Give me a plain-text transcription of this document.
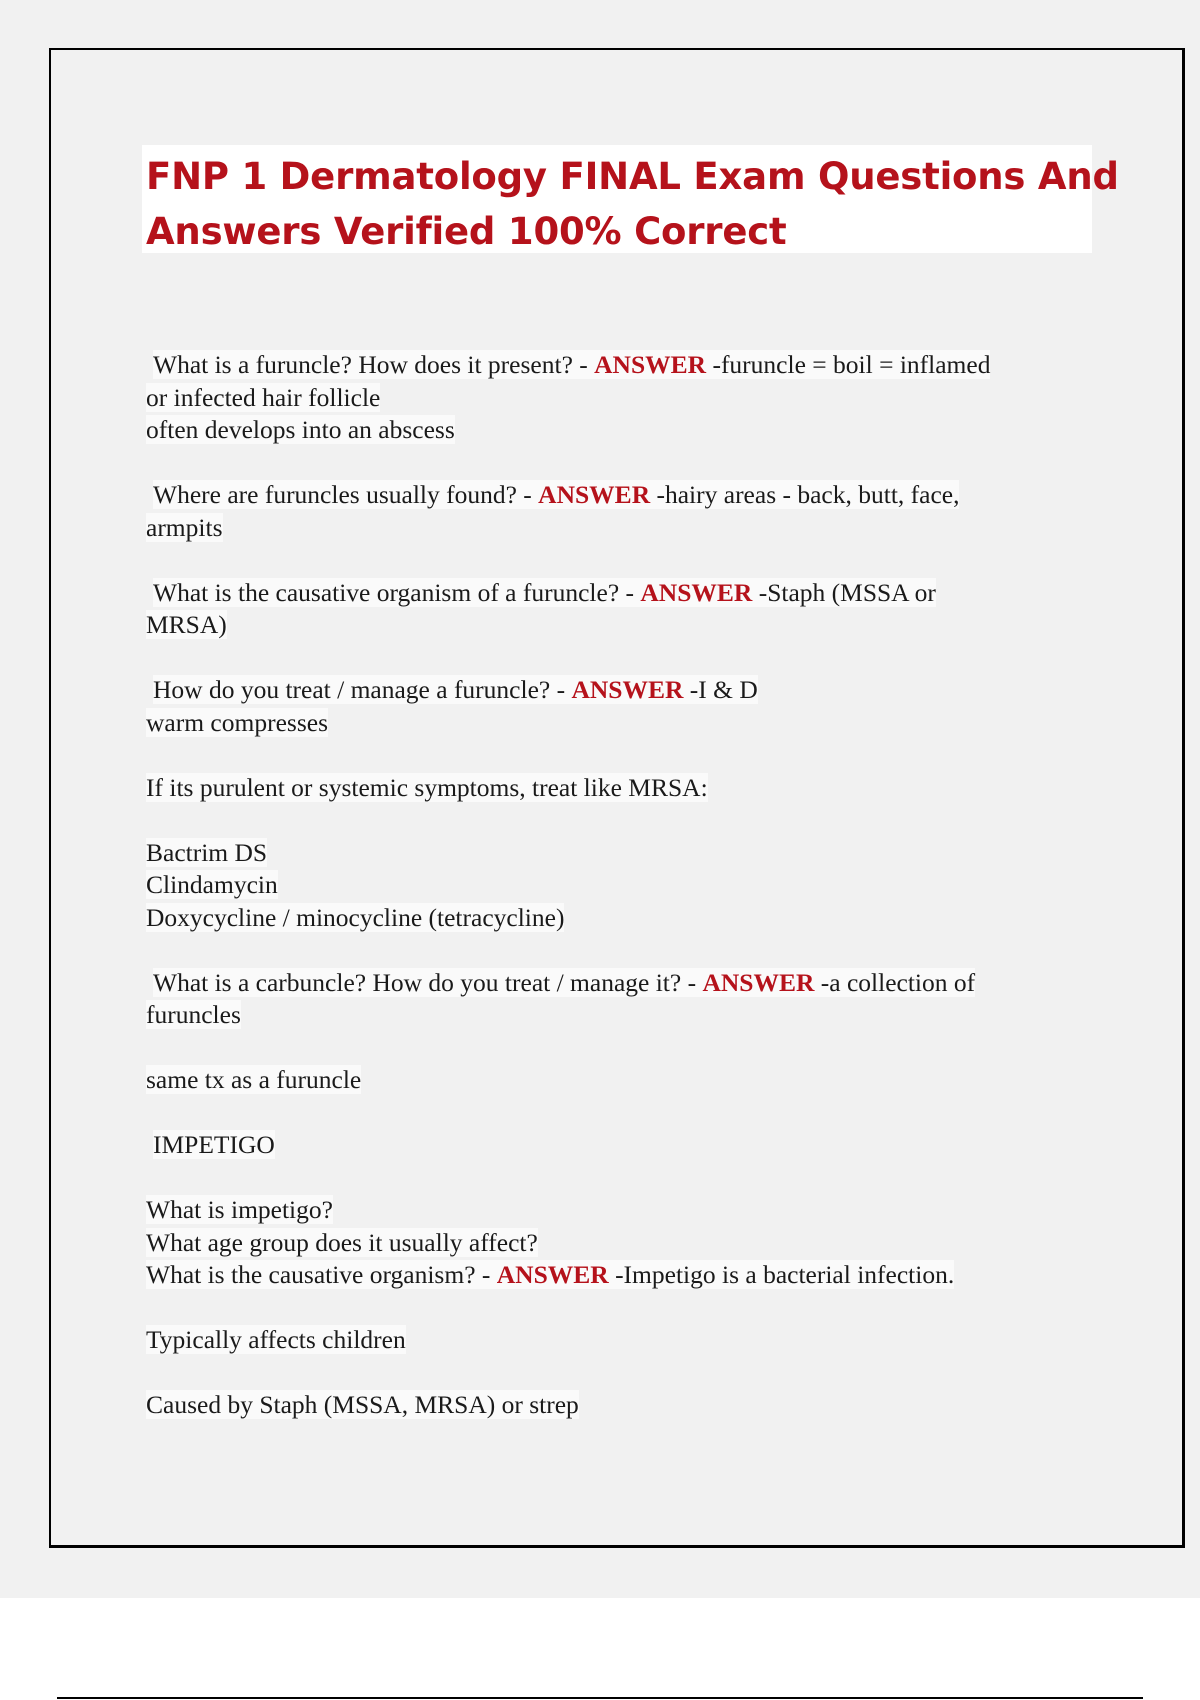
FNP 1 Dermatology FINAL Exam Questions And
Answers Verified 100% Correct
What is a furuncle? How does it present? - ANSWER -furuncle = boil = inflamed
or infected hair follicle
often develops into an abscess
Where are furuncles usually found? - ANSWER -hairy areas - back, butt, face,
armpits
What is the causative organism of a furuncle? - ANSWER -Staph (MSSA or
MRSA)
How do you treat / manage a furuncle? - ANSWER -I & D
warm compresses
If its purulent or systemic symptoms, treat like MRSA:
Bactrim DS
Clindamycin
Doxycycline / minocycline (tetracycline)
What is a carbuncle? How do you treat / manage it? - ANSWER -a collection of
furuncles
same tx as a furuncle
IMPETIGO
What is impetigo?
What age group does it usually affect?
What is the causative organism? - ANSWER -Impetigo is a bacterial infection.
Typically affects children
Caused by Staph (MSSA, MRSA) or strep
